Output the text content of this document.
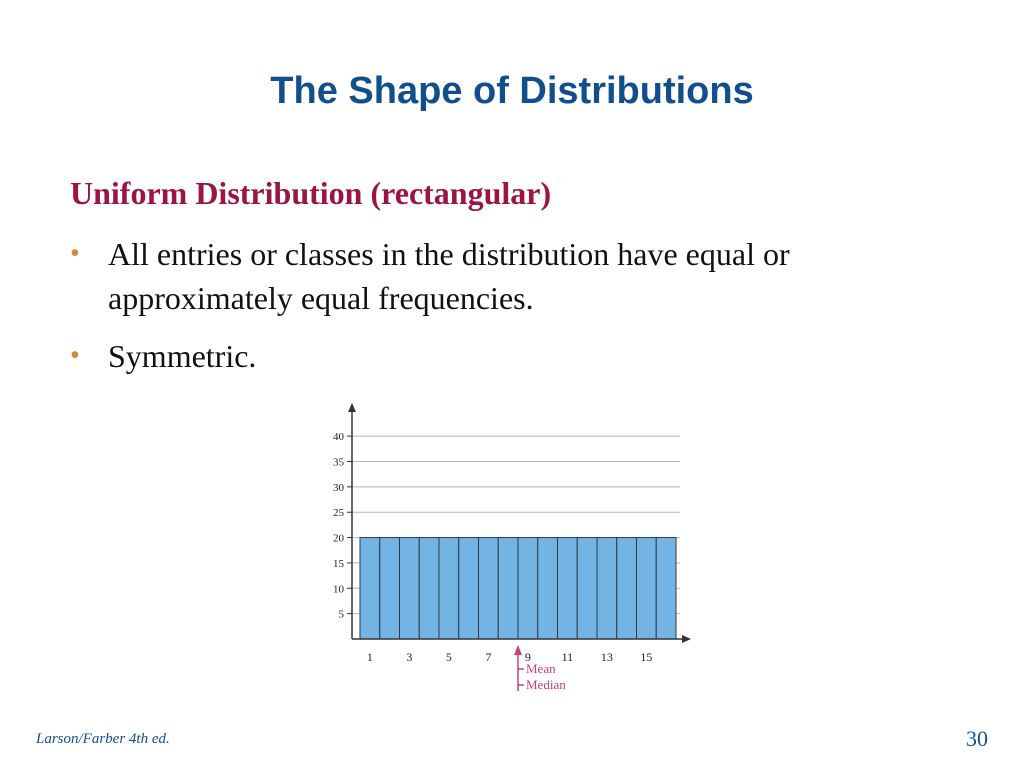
The Shape of Distributions
Uniform Distribution (rectangular)
• All entries or classes in the distribution have equal or approximately equal frequencies.
• Symmetric.
5
10
15
20
25
30
35
40
1	3	5	7	9	11 13 15
Mean
Median
Larson/Farber 4th ed.	30
